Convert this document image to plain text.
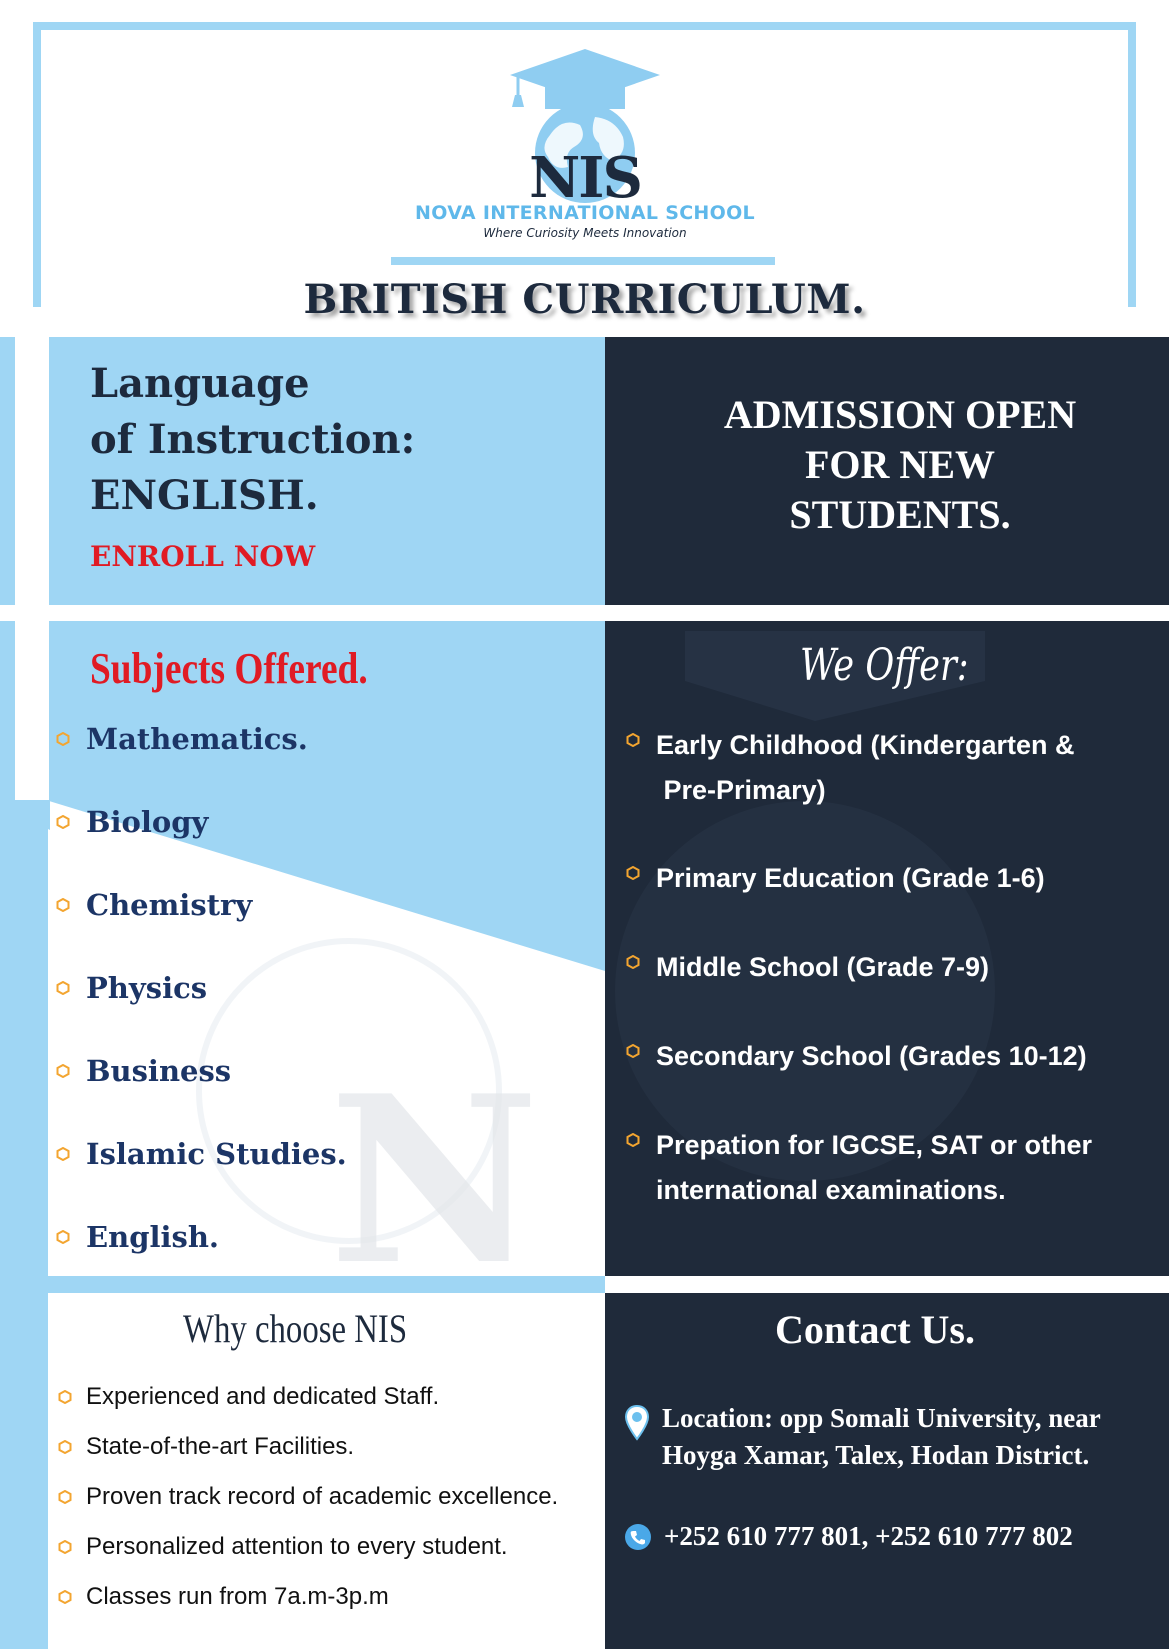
NIS
NOVA INTERNATIONAL SCHOOL
Where Curiosity Meets Innovation
BRITISH CURRICULUM.
Language
of Instruction:
ENGLISH.
ENROLL NOW
ADMISSION OPEN
FOR NEW
STUDENTS.
N
Subjects Offered.
Mathematics.
Biology
Chemistry
Physics
Business
Islamic Studies.
English.
We Offer:
Early Childhood (Kindergarten &
Pre-Primary)
Primary Education (Grade 1-6)
Middle School (Grade 7-9)
Secondary School (Grades 10-12)
Prepation for IGCSE, SAT or other
international examinations.
Why choose NIS
Experienced and dedicated Staff.
State-of-the-art Facilities.
Proven track record of academic excellence.
Personalized attention to every student.
Classes run from 7a.m-3p.m
Contact Us.
Location: opp Somali University, near
Hoyga Xamar, Talex, Hodan District.
+252 610 777 801, +252 610 777 802
